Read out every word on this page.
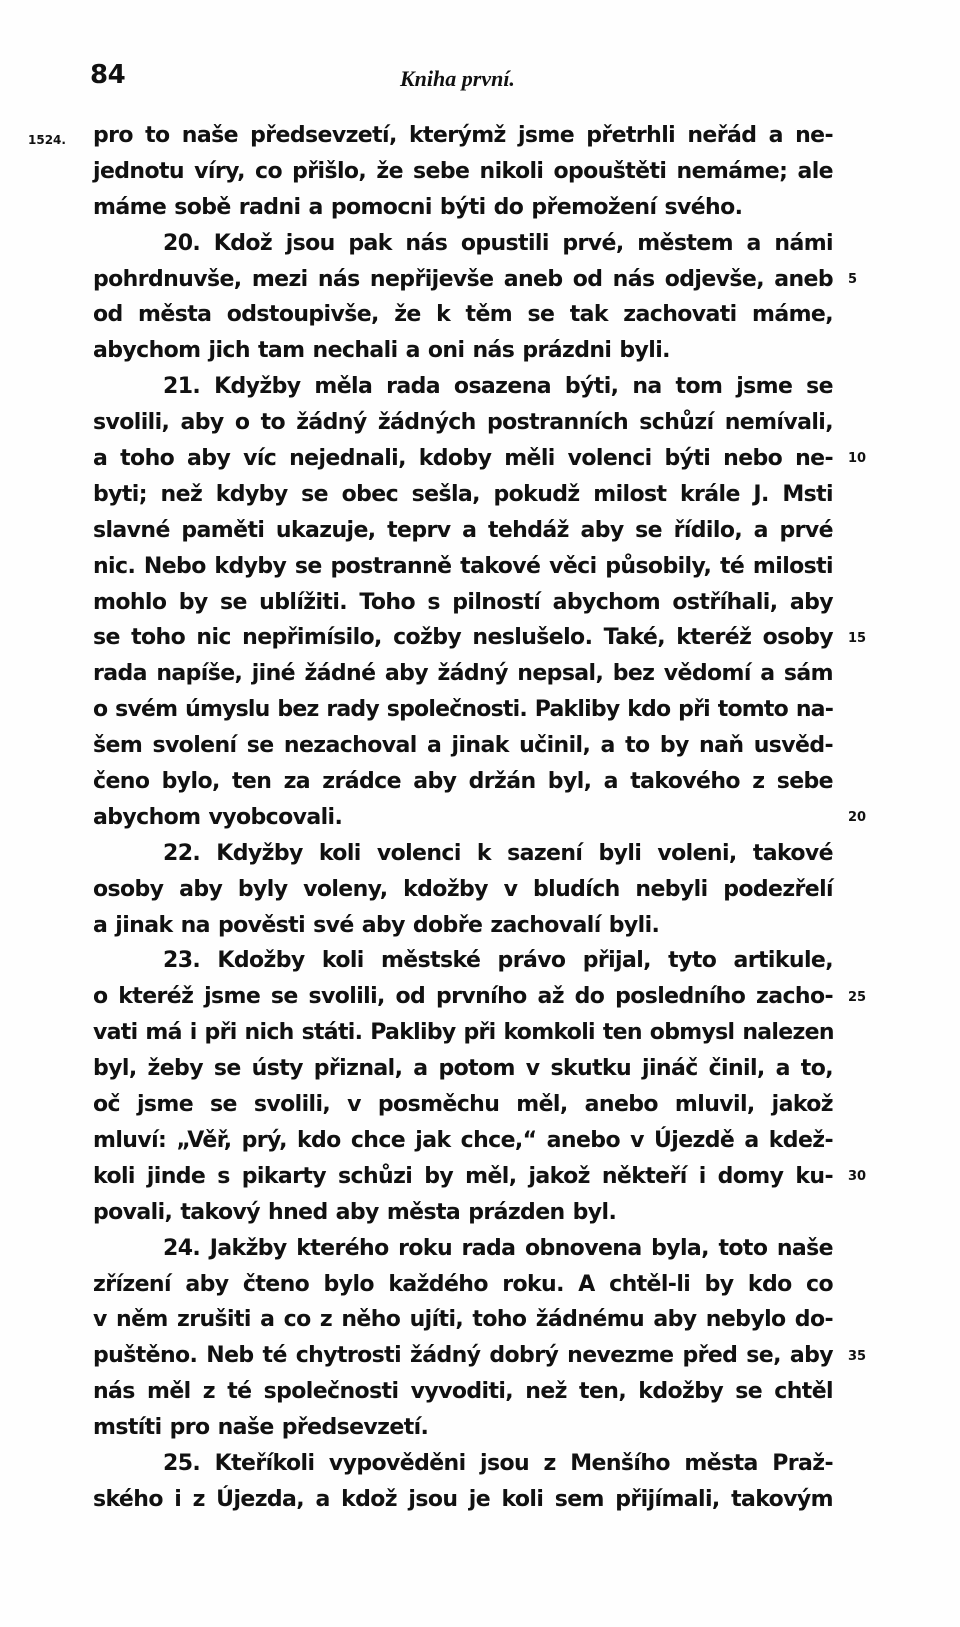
84	Kniha první.
1524. pro to naše předsevzetí, kterýmž jsme přetrhli neřád a ne-
jednotu víry, co přišlo, že sebe nikoli opouštěti nemáme; ale
máme sobě radni a pomocni býti do přemožení svého.
20. Kdož jsou pak nás opustili prvé, městem a námi
pohrdnuvše, mezi nás nepřijevše aneb od nás odjevše, aneb
od města odstoupivše, že k těm se tak zachovati máme,
abychom jich tam nechali a oni nás prázdni byli.
21. Kdyžby měla rada osazena býti, na tom jsme se
svolili, aby o to žádný žádných postranních schůzí nemívali,
a toho aby víc nejednali, kdoby měli volenci býti nebo ne-
byti; než kdyby se obec sešla, pokudž milost krále J. Msti
slavné paměti ukazuje, teprv a tehdáž aby se řídilo, a prvé
nic. Nebo kdyby se postranně takové věci působily, té milosti
mohlo by se ublížiti. Toho s pilností abychom ostříhali, aby
se toho nic nepřimísilo, cožby neslušelo. Také, kteréž osoby
rada napíše, jiné žádné aby žádný nepsal, bez vědomí a sám
o svém úmyslu bez rady společnosti. Pakliby kdo při tomto na-
šem svolení se nezachoval a jinak učinil, a to by naň usvěd-
čeno bylo, ten za zrádce aby držán byl, a takového z sebe
abychom vyobcovali.
22. Kdyžby koli volenci k sazení byli voleni, takové
osoby aby byly voleny, kdožby v bludích nebyli podezřelí
a jinak na pověsti své aby dobře zachovalí byli.
23. Kdožby koli městské právo přijal, tyto artikule,
o kteréž jsme se svolili, od prvního až do posledního zacho-
vati má i při nich státi. Pakliby při komkoli ten obmysl nalezen
byl, žeby se ústy přiznal, a potom v skutku jináč činil, a to,
oč jsme se svolili, v posměchu měl, anebo mluvil, jakož
mluví: „Věř, prý, kdo chce jak chce,“ anebo v Újezdě a kdež-
koli jinde s pikarty schůzi by měl, jakož někteří i domy ku-
povali, takový hned aby města prázden byl.
24. Jakžby kterého roku rada obnovena byla, toto naše
zřízení aby čteno bylo každého roku. A chtěl-li by kdo co
v něm zrušiti a co z něho ujíti, toho žádnému aby nebylo do-
puštěno. Neb té chytrosti žádný dobrý nevezme před se, aby
nás měl z té společnosti vyvoditi, než ten, kdožby se chtěl
mstíti pro naše předsevzetí.
25. Kteříkoli vypověděni jsou z Menšího města Praž-
ského i z Újezda, a kdož jsou je koli sem přijímali, takovým
5
10
15
20
25
30
35
